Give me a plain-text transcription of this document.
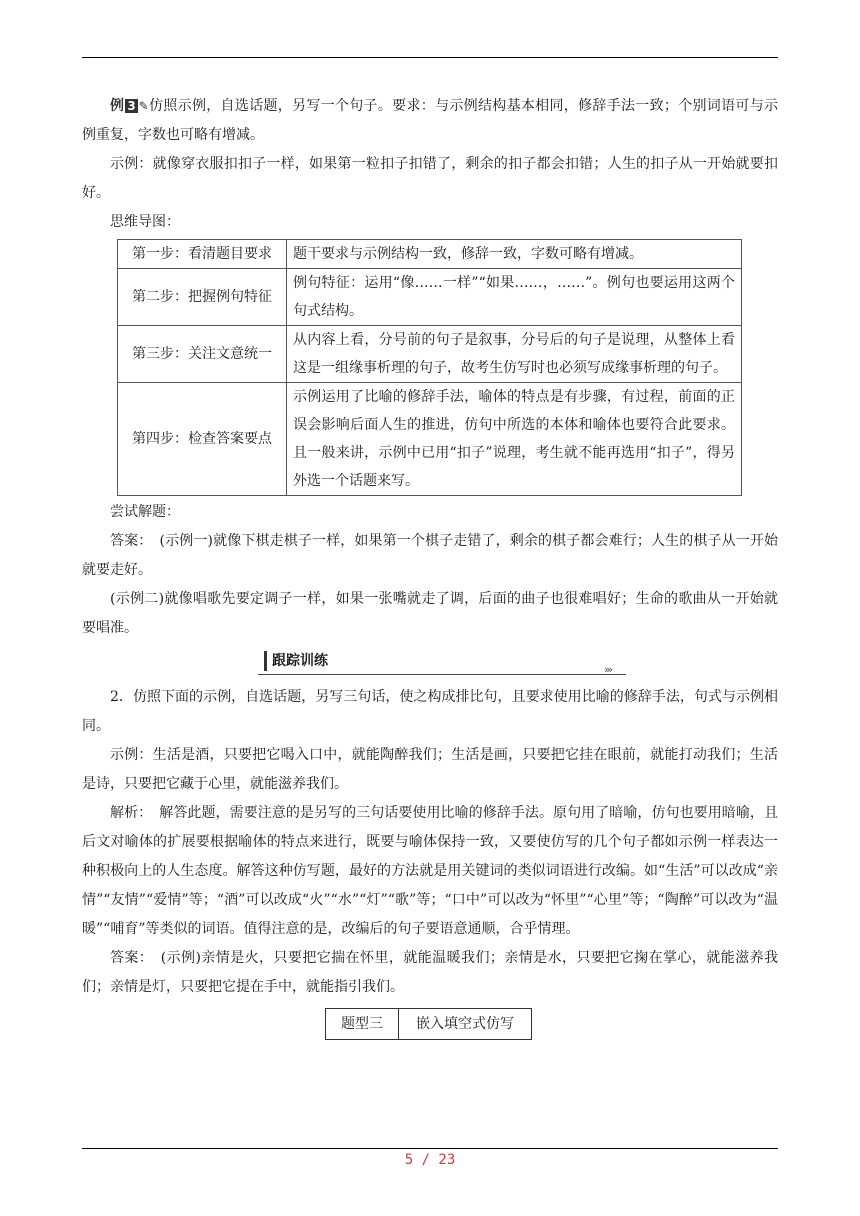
例 3 ✎仿照示例，自选话题，另写一个句子。要求：与示例结构基本相同，修辞手法一致；个别词语可与示例重复，字数也可略有增减。

示例：就像穿衣服扣扣子一样，如果第一粒扣子扣错了，剩余的扣子都会扣错；人生的扣子从一开始就要扣好。

思维导图：

第一步：看清题目要求	题干要求与示例结构一致，修辞一致，字数可略有增减。
第二步：把握例句特征	例句特征：运用“像……一样”“如果……，……”。例句也要运用这两个句式结构。
第三步：关注文意统一	从内容上看，分号前的句子是叙事，分号后的句子是说理，从整体上看这是一组缘事析理的句子，故考生仿写时也必须写成缘事析理的句子。
第四步：检查答案要点	示例运用了比喻的修辞手法，喻体的特点是有步骤，有过程，前面的正误会影响后面人生的推进，仿句中所选的本体和喻体也要符合此要求。且一般来讲，示例中已用“扣子”说理，考生就不能再选用“扣子”，得另外选一个话题来写。

尝试解题：

答案：　(示例一)就像下棋走棋子一样，如果第一个棋子走错了，剩余的棋子都会难行；人生的棋子从一开始就要走好。

(示例二)就像唱歌先要定调子一样，如果一张嘴就走了调，后面的曲子也很难唱好；生命的歌曲从一开始就要唱准。

跟踪训练
›››

2．仿照下面的示例，自选话题，另写三句话，使之构成排比句，且要求使用比喻的修辞手法，句式与示例相同。

示例：生活是酒，只要把它喝入口中，就能陶醉我们；生活是画，只要把它挂在眼前，就能打动我们；生活是诗，只要把它藏于心里，就能滋养我们。

解析：　解答此题，需要注意的是另写的三句话要使用比喻的修辞手法。原句用了暗喻，仿句也要用暗喻，且后文对喻体的扩展要根据喻体的特点来进行，既要与喻体保持一致，又要使仿写的几个句子都如示例一样表达一种积极向上的人生态度。解答这种仿写题，最好的方法就是用关键词的类似词语进行改编。如“生活”可以改成“亲情”“友情”“爱情”等；“酒”可以改成“火”“水”“灯”“歌”等；“口中”可以改为“怀里”“心里”等；“陶醉”可以改为“温暖”“哺育”等类似的词语。值得注意的是，改编后的句子要语意通顺，合乎情理。

答案：　(示例)亲情是火，只要把它揣在怀里，就能温暖我们；亲情是水，只要把它掬在掌心，就能滋养我们；亲情是灯，只要把它提在手中，就能指引我们。

题型三	嵌入填空式仿写
5 / 23
